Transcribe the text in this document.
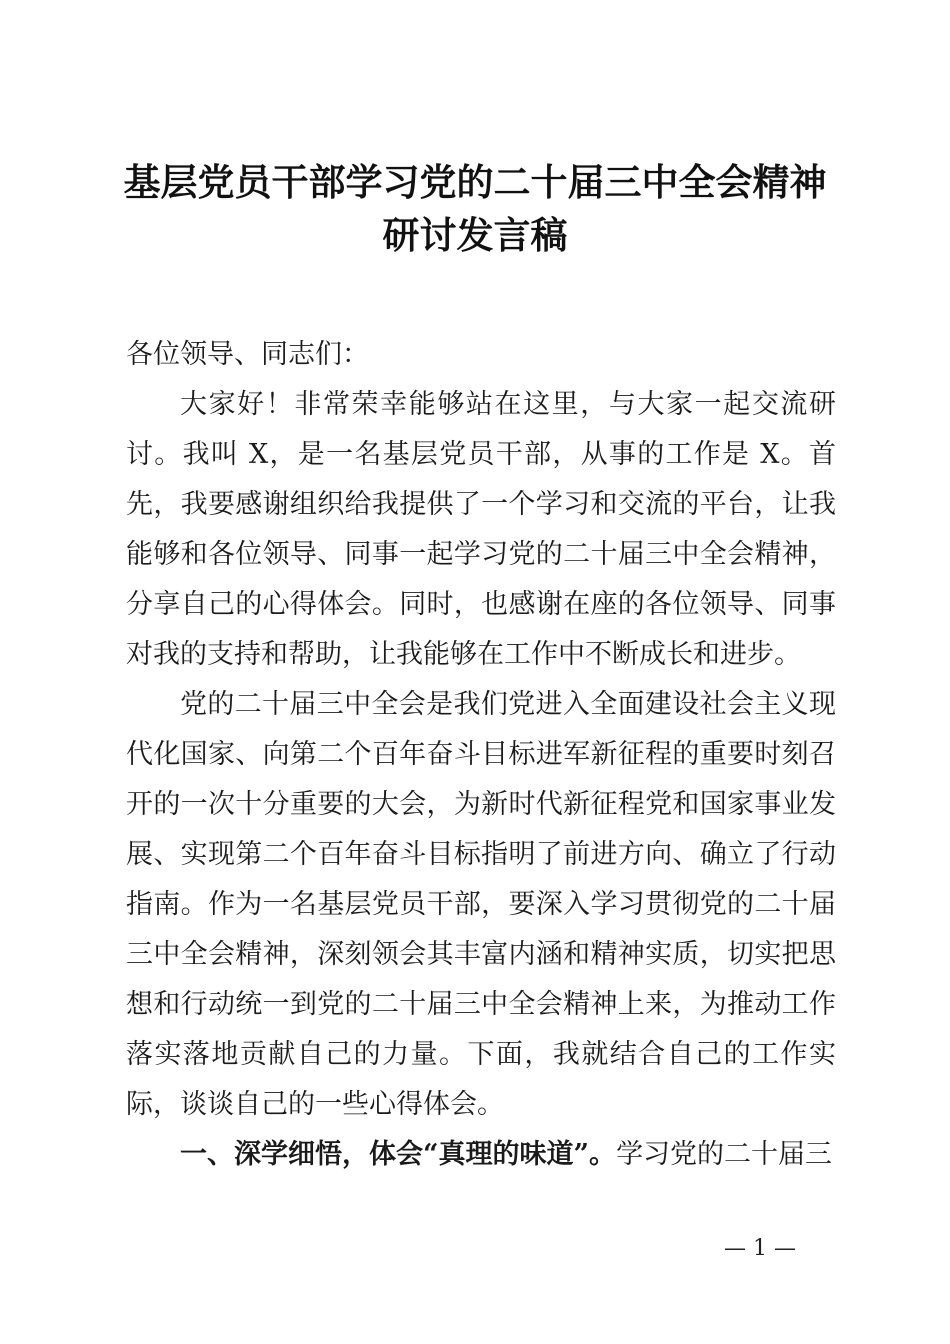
基层党员干部学习党的二十届三中全会精神研讨发言稿

各位领导、同志们：

大家好！非常荣幸能够站在这里，与大家一起交流研讨。我叫 X，是一名基层党员干部，从事的工作是 X。首先，我要感谢组织给我提供了一个学习和交流的平台，让我能够和各位领导、同事一起学习党的二十届三中全会精神，分享自己的心得体会。同时，也感谢在座的各位领导、同事对我的支持和帮助，让我能够在工作中不断成长和进步。

党的二十届三中全会是我们党进入全面建设社会主义现代化国家、向第二个百年奋斗目标进军新征程的重要时刻召开的一次十分重要的大会，为新时代新征程党和国家事业发展、实现第二个百年奋斗目标指明了前进方向、确立了行动指南。作为一名基层党员干部，要深入学习贯彻党的二十届三中全会精神，深刻领会其丰富内涵和精神实质，切实把思想和行动统一到党的二十届三中全会精神上来，为推动工作落实落地贡献自己的力量。下面，我就结合自己的工作实际，谈谈自己的一些心得体会。

一、深学细悟，体会“真理的味道”。学习党的二十届三

— 1 —
